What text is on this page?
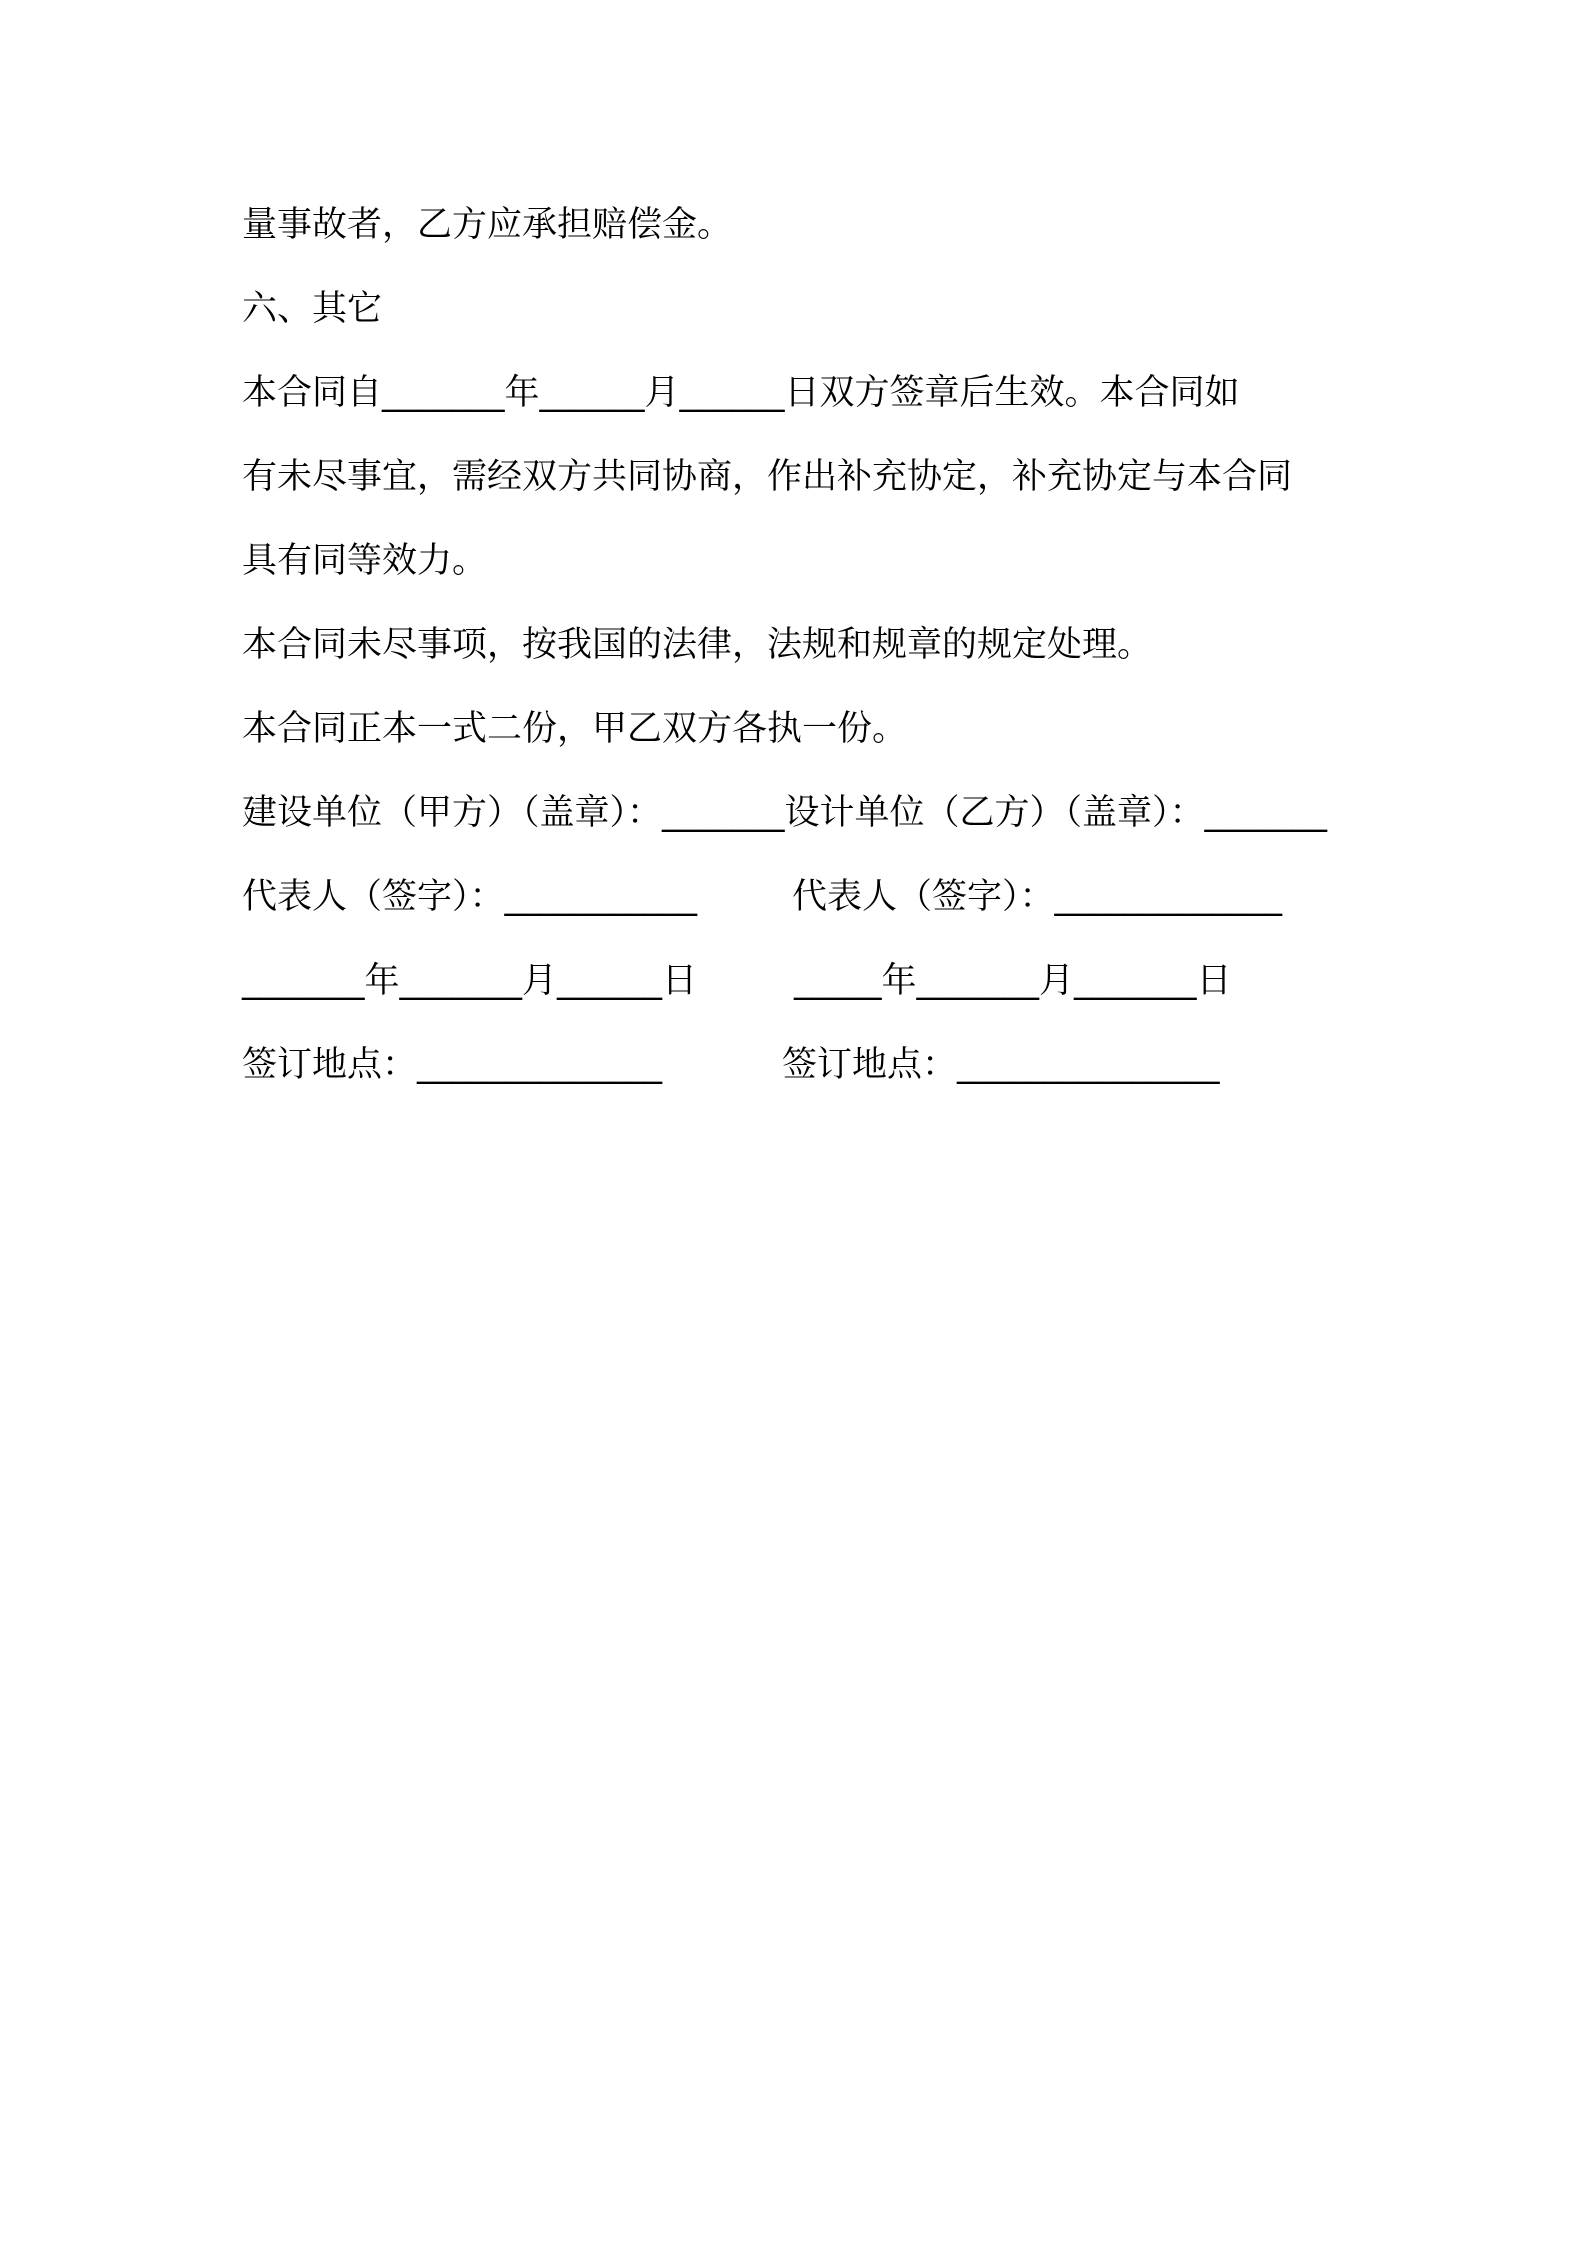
量事故者，乙方应承担赔偿金。
六、其它
本合同自_______年______月______日双方签章后生效。本合同如
有未尽事宜，需经双方共同协商，作出补充协定，补充协定与本合同
具有同等效力。
本合同未尽事项，按我国的法律，法规和规章的规定处理。
本合同正本一式二份，甲乙双方各执一份。
建设单位（甲方）（盖章）：_______设计单位（乙方）（盖章）：_______
代表人（签字）：___________	代表人（签字）：_____________
_______年_______月______日	_____年_______月_______日
签订地点：______________	签订地点：_______________
